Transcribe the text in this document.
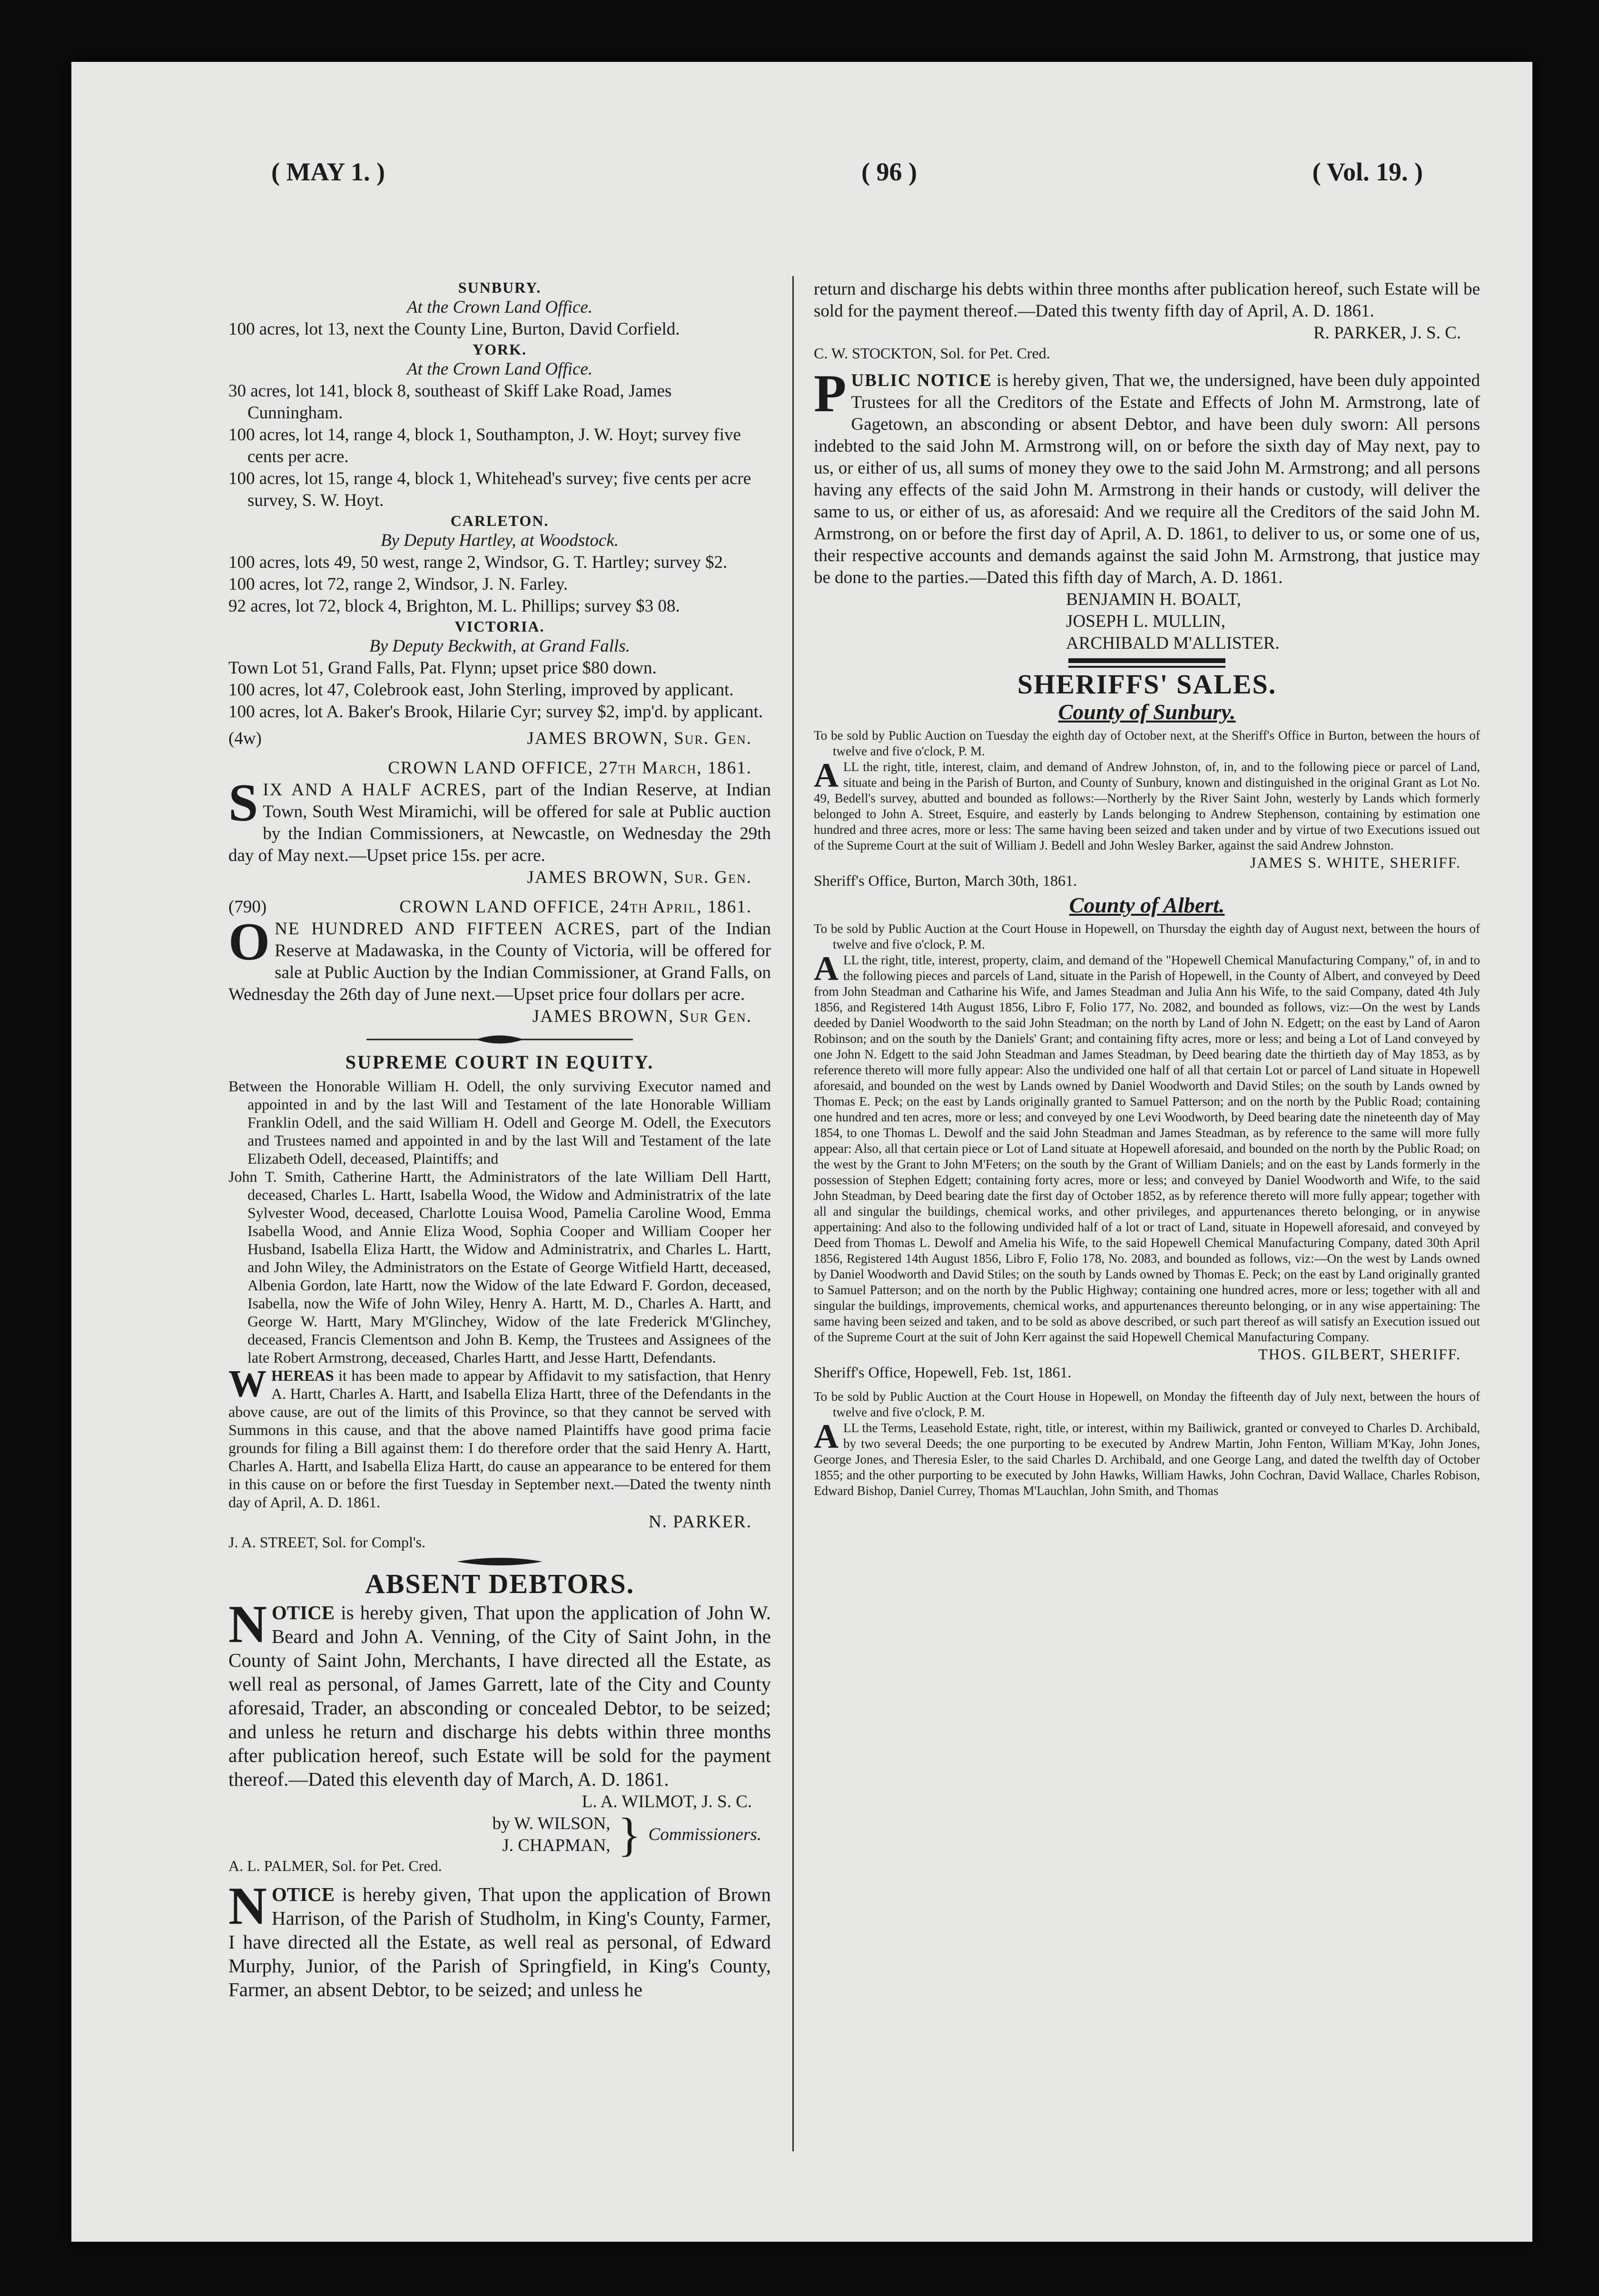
( MAY 1. )	( 96 )	( Vol. 19. )

SUNBURY.

At the Crown Land Office.

100 acres, lot 13, next the County Line, Burton, David Corfield.

YORK.

At the Crown Land Office.

30 acres, lot 141, block 8, southeast of Skiff Lake Road, James Cunningham.

100 acres, lot 14, range 4, block 1, Southampton, J. W. Hoyt; survey five cents per acre.

100 acres, lot 15, range 4, block 1, Whitehead's survey; five cents per acre survey, S. W. Hoyt.

CARLETON.

By Deputy Hartley, at Woodstock.

100 acres, lots 49, 50 west, range 2, Windsor, G. T. Hartley; survey $2.

100 acres, lot 72, range 2, Windsor, J. N. Farley.

92 acres, lot 72, block 4, Brighton, M. L. Phillips; survey $3 08.

VICTORIA.

By Deputy Beckwith, at Grand Falls.

Town Lot 51, Grand Falls, Pat. Flynn; upset price $80 down.

100 acres, lot 47, Colebrook east, John Sterling, improved by applicant.

100 acres, lot A. Baker's Brook, Hilarie Cyr; survey $2, imp'd. by applicant.

(4w)	JAMES BROWN, Sur. Gen.

CROWN LAND OFFICE, 27th March, 1861.

SIX AND A HALF ACRES, part of the Indian Reserve, at Indian Town, South West Miramichi, will be offered for sale at Public auction by the Indian Commissioners, at Newcastle, on Wednesday the 29th day of May next.—Upset price 15s. per acre.

JAMES BROWN, Sur. Gen.

(790)	CROWN LAND OFFICE, 24th April, 1861.

ONE HUNDRED AND FIFTEEN ACRES, part of the Indian Reserve at Madawaska, in the County of Victoria, will be offered for sale at Public Auction by the Indian Commissioner, at Grand Falls, on Wednesday the 26th day of June next.—Upset price four dollars per acre.

JAMES BROWN, Sur Gen.

SUPREME COURT IN EQUITY.

Between the Honorable William H. Odell, the only surviving Executor named and appointed in and by the last Will and Testament of the late Honorable William Franklin Odell, and the said William H. Odell and George M. Odell, the Executors and Trustees named and appointed in and by the last Will and Testament of the late Elizabeth Odell, deceased, Plaintiffs; and

John T. Smith, Catherine Hartt, the Administrators of the late William Dell Hartt, deceased, Charles L. Hartt, Isabella Wood, the Widow and Administratrix of the late Sylvester Wood, deceased, Charlotte Louisa Wood, Pamelia Caroline Wood, Emma Isabella Wood, and Annie Eliza Wood, Sophia Cooper and William Cooper her Husband, Isabella Eliza Hartt, the Widow and Administratrix, and Charles L. Hartt, and John Wiley, the Administrators on the Estate of George Witfield Hartt, deceased, Albenia Gordon, late Hartt, now the Widow of the late Edward F. Gordon, deceased, Isabella, now the Wife of John Wiley, Henry A. Hartt, M. D., Charles A. Hartt, and George W. Hartt, Mary M'Glinchey, Widow of the late Frederick M'Glinchey, deceased, Francis Clementson and John B. Kemp, the Trustees and Assignees of the late Robert Armstrong, deceased, Charles Hartt, and Jesse Hartt, Defendants.

WHEREAS it has been made to appear by Affidavit to my satisfaction, that Henry A. Hartt, Charles A. Hartt, and Isabella Eliza Hartt, three of the Defendants in the above cause, are out of the limits of this Province, so that they cannot be served with Summons in this cause, and that the above named Plaintiffs have good prima facie grounds for filing a Bill against them: I do therefore order that the said Henry A. Hartt, Charles A. Hartt, and Isabella Eliza Hartt, do cause an appearance to be entered for them in this cause on or before the first Tuesday in September next.—Dated the twenty ninth day of April, A. D. 1861.

N. PARKER.

J. A. STREET, Sol. for Compl's.

ABSENT DEBTORS.

NOTICE is hereby given, That upon the application of John W. Beard and John A. Venning, of the City of Saint John, in the County of Saint John, Merchants, I have directed all the Estate, as well real as personal, of James Garrett, late of the City and County aforesaid, Trader, an absconding or concealed Debtor, to be seized; and unless he return and discharge his debts within three months after publication hereof, such Estate will be sold for the payment thereof.—Dated this eleventh day of March, A. D. 1861.

L. A. WILMOT, J. S. C.

by W. WILSON,

J. CHAPMAN, } Commissioners.

A. L. PALMER, Sol. for Pet. Cred.

NOTICE is hereby given, That upon the application of Brown Harrison, of the Parish of Studholm, in King's County, Farmer, I have directed all the Estate, as well real as personal, of Edward Murphy, Junior, of the Parish of Springfield, in King's County, Farmer, an absent Debtor, to be seized; and unless he

return and discharge his debts within three months after publication hereof, such Estate will be sold for the payment thereof.—Dated this twenty fifth day of April, A. D. 1861.

R. PARKER, J. S. C.

C. W. STOCKTON, Sol. for Pet. Cred.

PUBLIC NOTICE is hereby given, That we, the undersigned, have been duly appointed Trustees for all the Creditors of the Estate and Effects of John M. Armstrong, late of Gagetown, an absconding or absent Debtor, and have been duly sworn: All persons indebted to the said John M. Armstrong will, on or before the sixth day of May next, pay to us, or either of us, all sums of money they owe to the said John M. Armstrong; and all persons having any effects of the said John M. Armstrong in their hands or custody, will deliver the same to us, or either of us, as aforesaid: And we require all the Creditors of the said John M. Armstrong, on or before the first day of April, A. D. 1861, to deliver to us, or some one of us, their respective accounts and demands against the said John M. Armstrong, that justice may be done to the parties.—Dated this fifth day of March, A. D. 1861.

BENJAMIN H. BOALT,

JOSEPH L. MULLIN,

ARCHIBALD M'ALLISTER.

SHERIFFS' SALES.

County of Sunbury.

To be sold by Public Auction on Tuesday the eighth day of October next, at the Sheriff's Office in Burton, between the hours of twelve and five o'clock, P. M.

ALL the right, title, interest, claim, and demand of Andrew Johnston, of, in, and to the following piece or parcel of Land, situate and being in the Parish of Burton, and County of Sunbury, known and distinguished in the original Grant as Lot No. 49, Bedell's survey, abutted and bounded as follows:—Northerly by the River Saint John, westerly by Lands which formerly belonged to John A. Street, Esquire, and easterly by Lands belonging to Andrew Stephenson, containing by estimation one hundred and three acres, more or less: The same having been seized and taken under and by virtue of two Executions issued out of the Supreme Court at the suit of William J. Bedell and John Wesley Barker, against the said Andrew Johnston.

JAMES S. WHITE, SHERIFF.

Sheriff's Office, Burton, March 30th, 1861.

County of Albert.

To be sold by Public Auction at the Court House in Hopewell, on Thursday the eighth day of August next, between the hours of twelve and five o'clock, P. M.

ALL the right, title, interest, property, claim, and demand of the "Hopewell Chemical Manufacturing Company," of, in and to the following pieces and parcels of Land, situate in the Parish of Hopewell, in the County of Albert, and conveyed by Deed from John Steadman and Catharine his Wife, and James Steadman and Julia Ann his Wife, to the said Company, dated 4th July 1856, and Registered 14th August 1856, Libro F, Folio 177, No. 2082, and bounded as follows, viz:—On the west by Lands deeded by Daniel Woodworth to the said John Steadman; on the north by Land of John N. Edgett; on the east by Land of Aaron Robinson; and on the south by the Daniels' Grant; and containing fifty acres, more or less; and being a Lot of Land conveyed by one John N. Edgett to the said John Steadman and James Steadman, by Deed bearing date the thirtieth day of May 1853, as by reference thereto will more fully appear: Also the undivided one half of all that certain Lot or parcel of Land situate in Hopewell aforesaid, and bounded on the west by Lands owned by Daniel Woodworth and David Stiles; on the south by Lands owned by Thomas E. Peck; on the east by Lands originally granted to Samuel Patterson; and on the north by the Public Road; containing one hundred and ten acres, more or less; and conveyed by one Levi Woodworth, by Deed bearing date the nineteenth day of May 1854, to one Thomas L. Dewolf and the said John Steadman and James Steadman, as by reference to the same will more fully appear: Also, all that certain piece or Lot of Land situate at Hopewell aforesaid, and bounded on the north by the Public Road; on the west by the Grant to John M'Feters; on the south by the Grant of William Daniels; and on the east by Lands formerly in the possession of Stephen Edgett; containing forty acres, more or less; and conveyed by Daniel Woodworth and Wife, to the said John Steadman, by Deed bearing date the first day of October 1852, as by reference thereto will more fully appear; together with all and singular the buildings, chemical works, and other privileges, and appurtenances thereto belonging, or in anywise appertaining: And also to the following undivided half of a lot or tract of Land, situate in Hopewell aforesaid, and conveyed by Deed from Thomas L. Dewolf and Amelia his Wife, to the said Hopewell Chemical Manufacturing Company, dated 30th April 1856, Registered 14th August 1856, Libro F, Folio 178, No. 2083, and bounded as follows, viz:—On the west by Lands owned by Daniel Woodworth and David Stiles; on the south by Lands owned by Thomas E. Peck; on the east by Land originally granted to Samuel Patterson; and on the north by the Public Highway; containing one hundred acres, more or less; together with all and singular the buildings, improvements, chemical works, and appurtenances thereunto belonging, or in any wise appertaining: The same having been seized and taken, and to be sold as above described, or such part thereof as will satisfy an Execution issued out of the Supreme Court at the suit of John Kerr against the said Hopewell Chemical Manufacturing Company.

THOS. GILBERT, SHERIFF.

Sheriff's Office, Hopewell, Feb. 1st, 1861.

To be sold by Public Auction at the Court House in Hopewell, on Monday the fifteenth day of July next, between the hours of twelve and five o'clock, P. M.

ALL the Terms, Leasehold Estate, right, title, or interest, within my Bailiwick, granted or conveyed to Charles D. Archibald, by two several Deeds; the one purporting to be executed by Andrew Martin, John Fenton, William M'Kay, John Jones, George Jones, and Theresia Esler, to the said Charles D. Archibald, and one George Lang, and dated the twelfth day of October 1855; and the other purporting to be executed by John Hawks, William Hawks, John Cochran, David Wallace, Charles Robison, Edward Bishop, Daniel Currey, Thomas M'Lauchlan, John Smith, and Thomas
